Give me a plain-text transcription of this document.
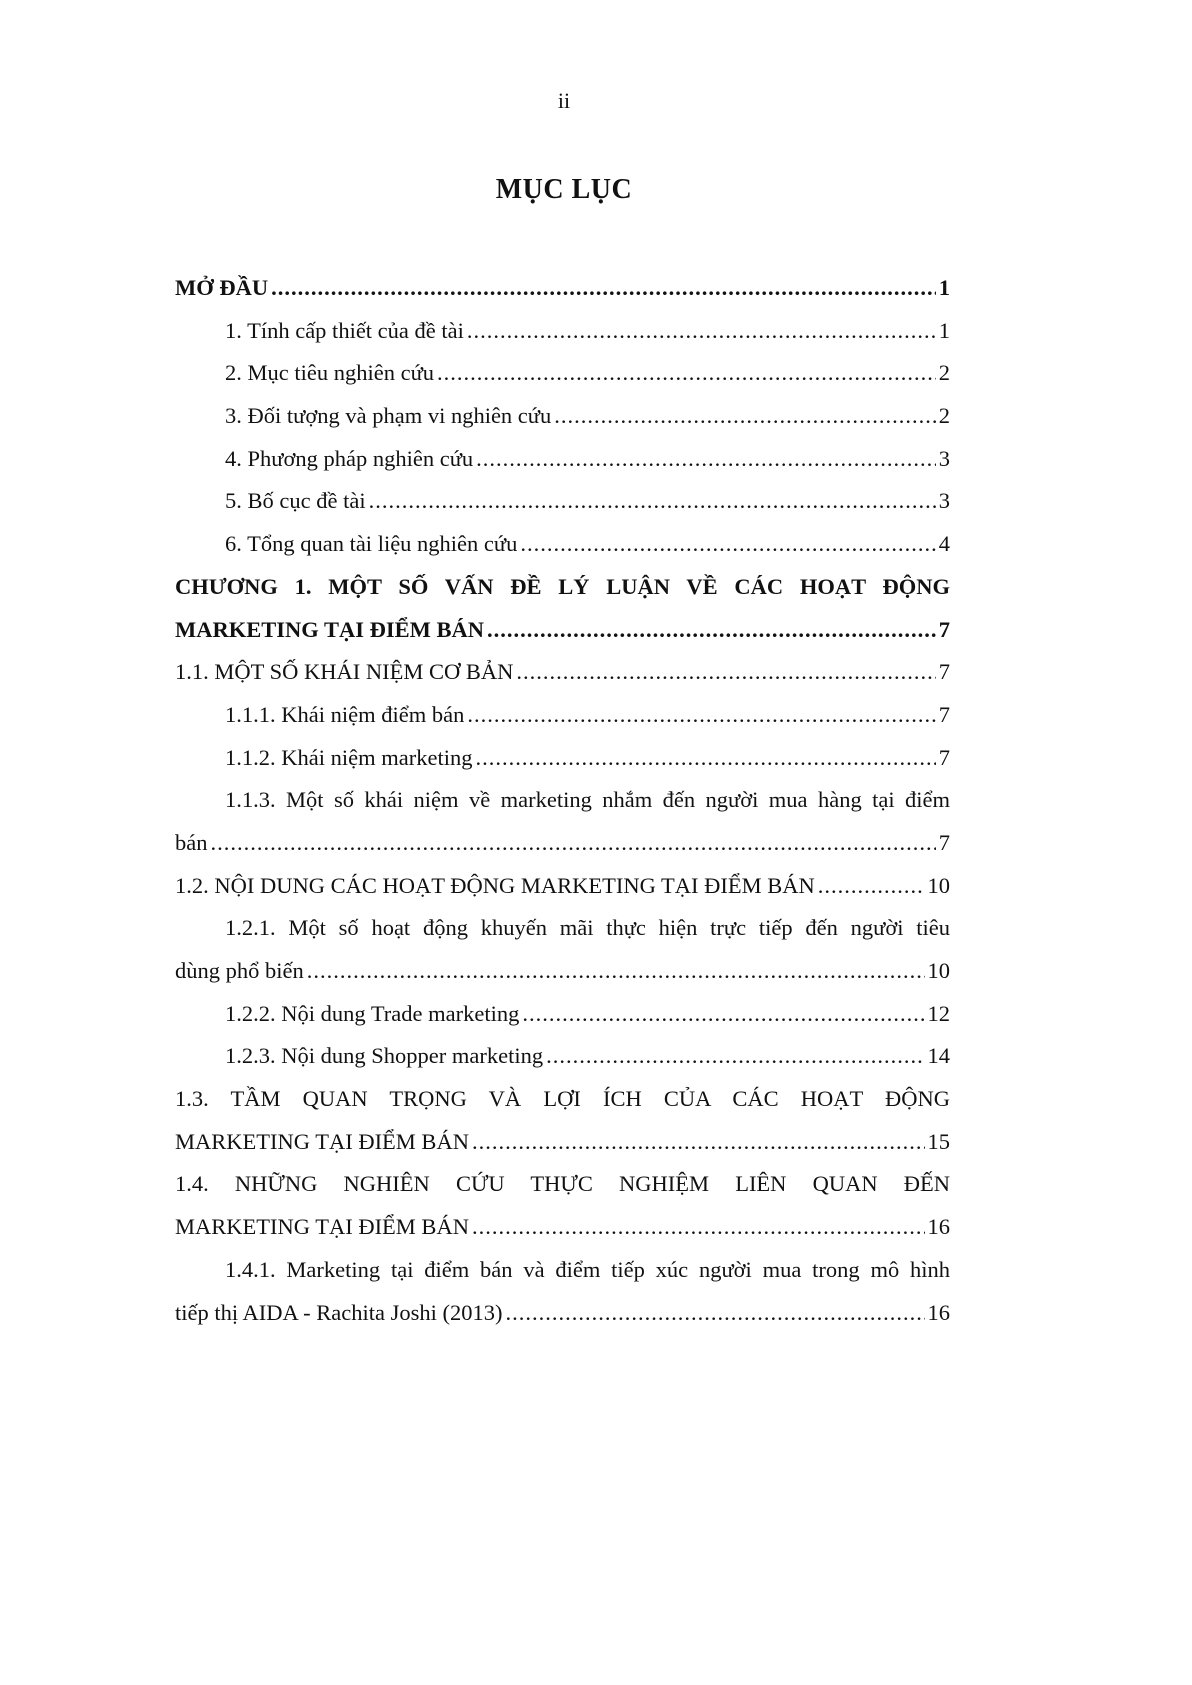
ii
MỤC LỤC
MỞ ĐẦU .....	1
1. Tính cấp thiết của đề tài .....	1
2. Mục tiêu nghiên cứu .....	2
3. Đối tượng và phạm vi nghiên cứu .....	2
4. Phương pháp nghiên cứu .....	3
5. Bố cục đề tài .....	3
6. Tổng quan tài liệu nghiên cứu .....	4
CHƯƠNG 1. MỘT SỐ VẤN ĐỀ LÝ LUẬN VỀ CÁC HOẠT ĐỘNG
MARKETING TẠI ĐIỂM BÁN .....	7
1.1. MỘT SỐ KHÁI NIỆM CƠ BẢN .....	7
1.1.1. Khái niệm điểm bán .....	7
1.1.2. Khái niệm marketing .....	7
1.1.3. Một số khái niệm về marketing nhắm đến người mua hàng tại điểm
bán .....	7
1.2. NỘI DUNG CÁC HOẠT ĐỘNG MARKETING TẠI ĐIỂM BÁN .....	10
1.2.1. Một số hoạt động khuyến mãi thực hiện trực tiếp đến người tiêu
dùng phổ biến .....	10
1.2.2. Nội dung Trade marketing .....	12
1.2.3. Nội dung Shopper marketing .....	14
1.3. TẦM QUAN TRỌNG VÀ LỢI ÍCH CỦA CÁC HOẠT ĐỘNG
MARKETING TẠI ĐIỂM BÁN .....	15
1.4. NHỮNG NGHIÊN CỨU THỰC NGHIỆM LIÊN QUAN ĐẾN
MARKETING TẠI ĐIỂM BÁN .....	16
1.4.1. Marketing tại điểm bán và điểm tiếp xúc người mua trong mô hình
tiếp thị AIDA - Rachita Joshi (2013) .....	16
